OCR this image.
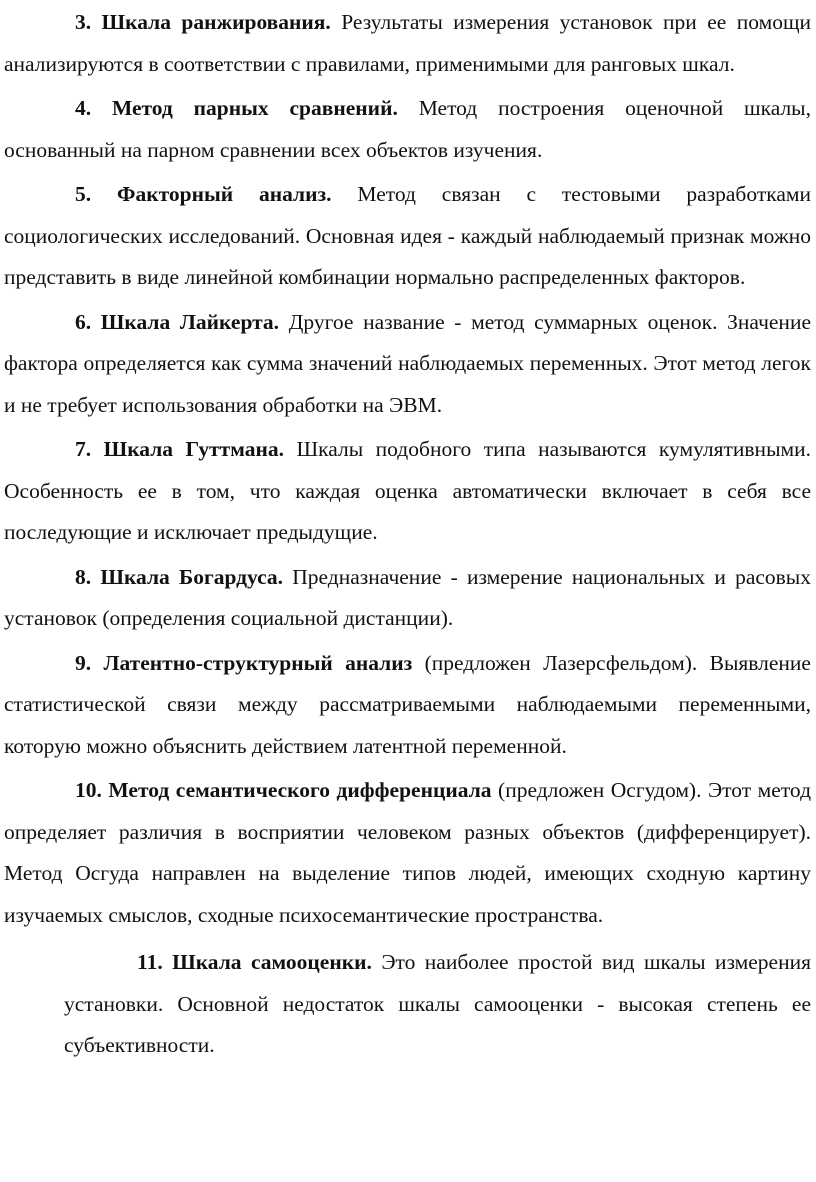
3. Шкала ранжирования. Результаты измерения установок при ее помощи анализируются в соответствии с правилами, применимыми для ранговых шкал.

4. Метод парных сравнений. Метод построения оценочной шкалы, основанный на парном сравнении всех объектов изучения.

5. Факторный анализ. Метод связан с тестовыми разработками социологических исследований. Основная идея - каждый наблюдаемый признак можно представить в виде линейной комбинации нормально распределенных факторов.

6. Шкала Лайкерта. Другое название - метод суммарных оценок. Значение фактора определяется как сумма значений наблюдаемых переменных. Этот метод легок и не требует использования обработки на ЭВМ.

7. Шкала Гуттмана. Шкалы подобного типа называются кумулятивными. Особенность ее в том, что каждая оценка автоматически включает в себя все последующие и исключает предыдущие.

8. Шкала Богардуса. Предназначение - измерение национальных и расовых установок (определения социальной дистанции).

9. Латентно-структурный анализ (предложен Лазерсфельдом). Выявление статистической связи между рассматриваемыми наблюдаемыми переменными, которую можно объяснить действием латентной переменной.

10. Метод семантического дифференциала (предложен Осгудом). Этот метод определяет различия в восприятии человеком разных объектов (дифференцирует). Метод Осгуда направлен на выделение типов людей, имеющих сходную картину изучаемых смыслов, сходные психосемантические пространства.

11. Шкала самооценки. Это наиболее простой вид шкалы измерения установки. Основной недостаток шкалы самооценки - высокая степень ее субъективности.
